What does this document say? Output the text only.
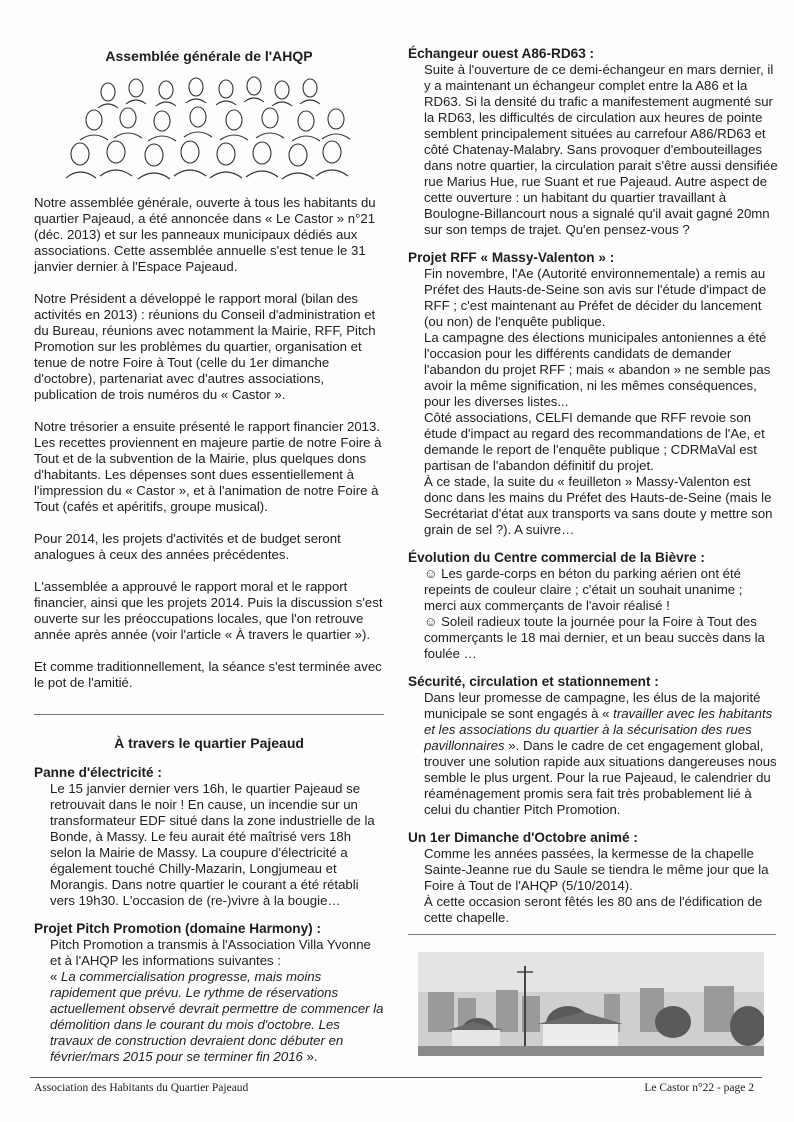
Assemblée générale de l'AHQP

Notre assemblée générale, ouverte à tous les habitants du quartier Pajeaud, a été annoncée dans « Le Castor » n°21 (déc. 2013) et sur les panneaux municipaux dédiés aux associations. Cette assemblée annuelle s'est tenue le 31 janvier dernier à l'Espace Pajeaud.

Notre Président a développé le rapport moral (bilan des activités en 2013) : réunions du Conseil d'administration et du Bureau, réunions avec notamment la Mairie, RFF, Pitch Promotion sur les problèmes du quartier, organisation et tenue de notre Foire à Tout (celle du 1er dimanche d'octobre), partenariat avec d'autres associations, publication de trois numéros du « Castor ».

Notre trésorier a ensuite présenté le rapport financier 2013. Les recettes proviennent en majeure partie de notre Foire à Tout et de la subvention de la Mairie, plus quelques dons d'habitants. Les dépenses sont dues essentiellement à l'impression du « Castor », et à l'animation de notre Foire à Tout (cafés et apéritifs, groupe musical).

Pour 2014, les projets d'activités et de budget seront analogues à ceux des années précédentes.

L'assemblée a approuvé le rapport moral et le rapport financier, ainsi que les projets 2014. Puis la discussion s'est ouverte sur les préoccupations locales, que l'on retrouve année après année (voir l'article « À travers le quartier »).

Et comme traditionnellement, la séance s'est terminée avec le pot de l'amitié.

À travers le quartier Pajeaud

Panne d'électricité :

Le 15 janvier dernier vers 16h, le quartier Pajeaud se retrouvait dans le noir ! En cause, un incendie sur un transformateur EDF situé dans la zone industrielle de la Bonde, à Massy. Le feu aurait été maîtrisé vers 18h selon la Mairie de Massy. La coupure d'électricité a également touché Chilly-Mazarin, Longjumeau et Morangis. Dans notre quartier le courant a été rétabli vers 19h30. L'occasion de (re-)vivre à la bougie…

Projet Pitch Promotion (domaine Harmony) :

Pitch Promotion a transmis à l'Association Villa Yvonne et à l'AHQP les informations suivantes :

« La commercialisation progresse, mais moins rapidement que prévu. Le rythme de réservations actuellement observé devrait permettre de commencer la démolition dans le courant du mois d'octobre. Les travaux de construction devraient donc débuter en février/mars 2015 pour se terminer fin 2016 ».

Échangeur ouest A86-RD63 :

Suite à l'ouverture de ce demi-échangeur en mars dernier, il y a maintenant un échangeur complet entre la A86 et la RD63. Si la densité du trafic a manifestement augmenté sur la RD63, les difficultés de circulation aux heures de pointe semblent principalement situées au carrefour A86/RD63 et côté Chatenay-Malabry. Sans provoquer d'embouteillages dans notre quartier, la circulation parait s'être aussi densifiée rue Marius Hue, rue Suant et rue Pajeaud. Autre aspect de cette ouverture : un habitant du quartier travaillant à Boulogne-Billancourt nous a signalé qu'il avait gagné 20mn sur son temps de trajet. Qu'en pensez-vous ?

Projet RFF « Massy-Valenton » :

Fin novembre, l'Ae (Autorité environnementale) a remis au Préfet des Hauts-de-Seine son avis sur l'étude d'impact de RFF ; c'est maintenant au Préfet de décider du lancement (ou non) de l'enquête publique.

La campagne des élections municipales antoniennes a été l'occasion pour les différents candidats de demander l'abandon du projet RFF ; mais « abandon » ne semble pas avoir la même signification, ni les mêmes conséquences, pour les diverses listes...

Côté associations, CELFI demande que RFF revoie son étude d'impact au regard des recommandations de l'Ae, et demande le report de l'enquête publique ; CDRMaVal est partisan de l'abandon définitif du projet.

À ce stade, la suite du « feuilleton » Massy-Valenton est donc dans les mains du Préfet des Hauts-de-Seine (mais le Secrétariat d'état aux transports va sans doute y mettre son grain de sel ?). A suivre…

Évolution du Centre commercial de la Bièvre :

☺ Les garde-corps en béton du parking aérien ont été repeints de couleur claire ; c'était un souhait unanime ; merci aux commerçants de l'avoir réalisé !

☺ Soleil radieux toute la journée pour la Foire à Tout des commerçants le 18 mai dernier, et un beau succès dans la foulée …

Sécurité, circulation et stationnement :

Dans leur promesse de campagne, les élus de la majorité municipale se sont engagés à « travailler avec les habitants et les associations du quartier à la sécurisation des rues pavillonnaires ». Dans le cadre de cet engagement global, trouver une solution rapide aux situations dangereuses nous semble le plus urgent. Pour la rue Pajeaud, le calendrier du réaménagement promis sera fait très probablement lié à celui du chantier Pitch Promotion.

Un 1er Dimanche d'Octobre animé :

Comme les années passées, la kermesse de la chapelle Sainte-Jeanne rue du Saule se tiendra le même jour que la Foire à Tout de l'AHQP (5/10/2014).

À cette occasion seront fêtés les 80 ans de l'édification de cette chapelle.

Association des Habitants du Quartier Pajeaud	Le Castor n°22 - page 2
